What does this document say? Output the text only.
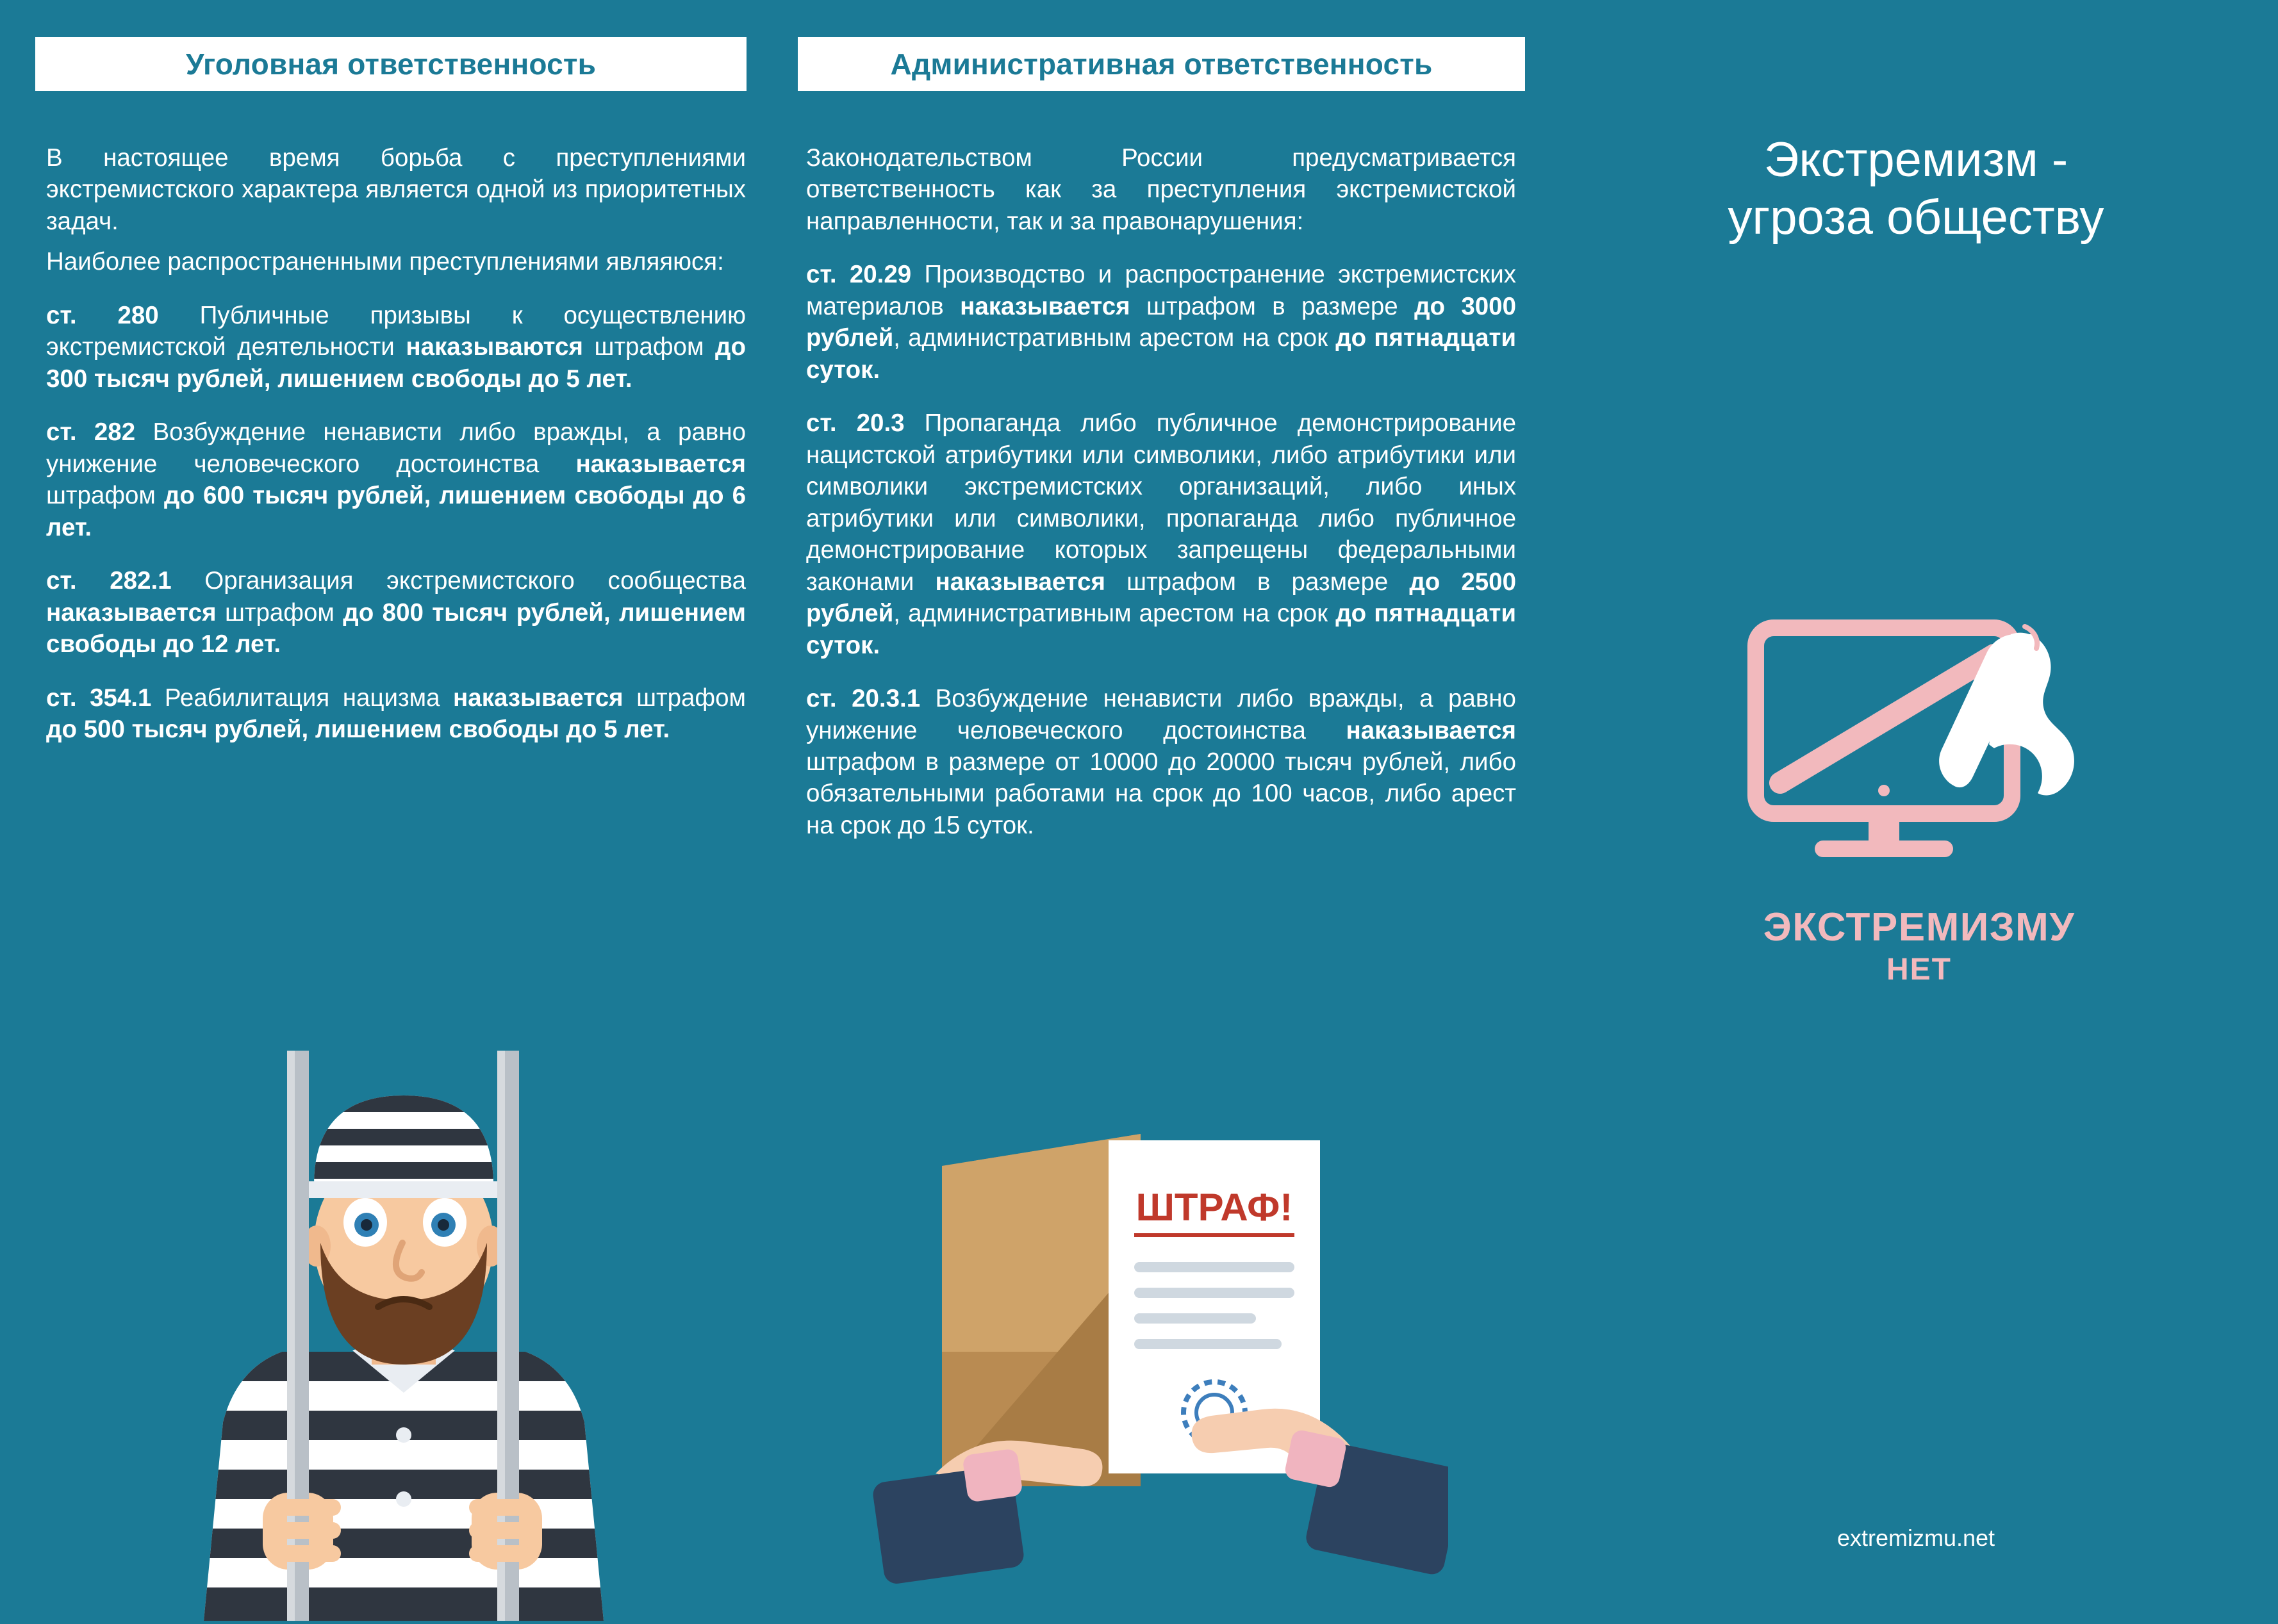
Уголовная ответственность	Административная ответственность

В настоящее время борьба с преступлениями экстремистского характера является одной из приоритетных задач.

Наиболее распространенными преступлениями являяюся:

ст. 280 Публичные призывы к осуществлению экстремистской деятельности наказываются штрафом до 300 тысяч рублей, лишением свободы до 5 лет.

ст. 282 Возбуждение ненависти либо вражды, а равно унижение человеческого достоинства наказывается штрафом до 600 тысяч рублей, лишением свободы до 6 лет.

ст. 282.1 Организация экстремистского сообщества наказывается штрафом до 800 тысяч рублей, лишением свободы до 12 лет.

ст. 354.1 Реабилитация нацизма наказывается штрафом до 500 тысяч рублей, лишением свободы до 5 лет.

Законодательством России предусматривается ответственность как за преступления экстремистской направленности, так и за правонарушения:

ст. 20.29 Производство и распространение экстремистских материалов наказывается штрафом в размере до 3000 рублей, административным арестом на срок до пятнадцати суток.

ст. 20.3 Пропаганда либо публичное демонстрирование нацистской атрибутики или символики, либо атрибутики или символики экстремистских организаций, либо иных атрибутики или символики, пропаганда либо публичное демонстрирование которых запрещены федеральными законами наказывается штрафом в размере до 2500 рублей, административным арестом на срок до пятнадцати суток.

ст. 20.3.1 Возбуждение ненависти либо вражды, а равно унижение человеческого достоинства наказывается штрафом в размере от 10000 до 20000 тысяч рублей, либо обязательными работами на срок до 100 часов, либо арест на срок до 15 суток.

Экстремизм -
угроза обществу
ЭКСТРЕМИЗМУ
НЕТ
extremizmu.net
ШТРАФ!
